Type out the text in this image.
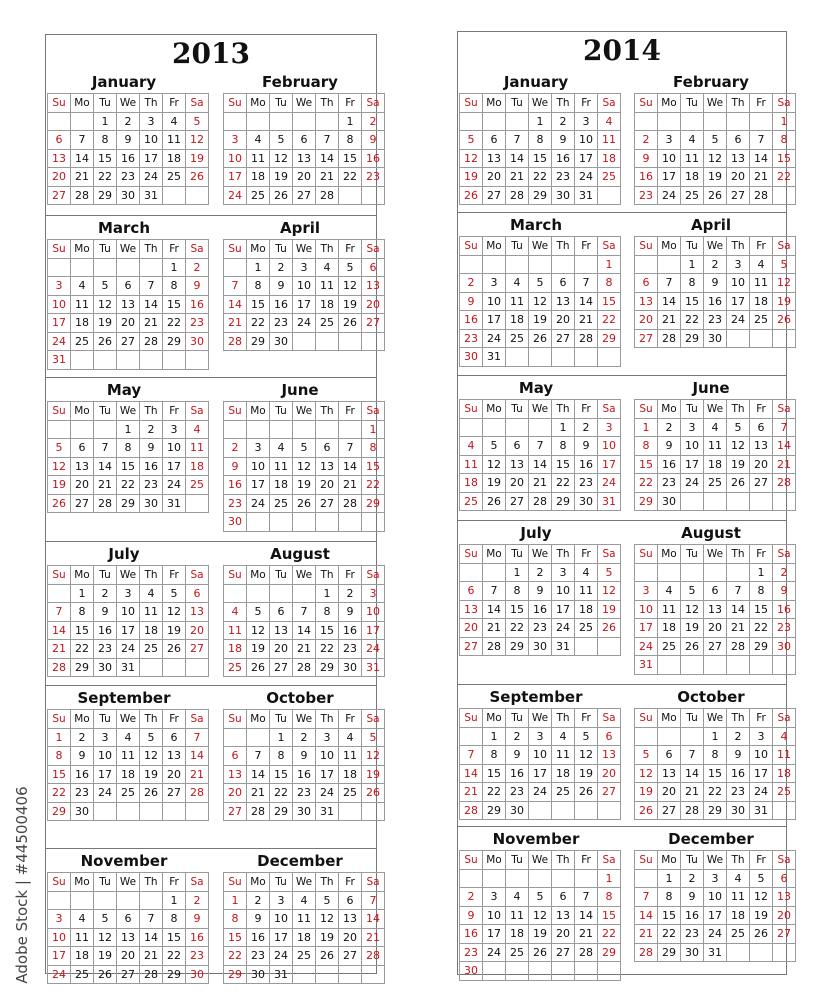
2013
January
Su	Mo	Tu	We	Th	Fr	Sa
		1	2	3	4	5
6	7	8	9	10	11	12
13	14	15	16	17	18	19
20	21	22	23	24	25	26
27	28	29	30	31		
February
Su	Mo	Tu	We	Th	Fr	Sa
					1	2
3	4	5	6	7	8	9
10	11	12	13	14	15	16
17	18	19	20	21	22	23
24	25	26	27	28		
March
Su	Mo	Tu	We	Th	Fr	Sa
					1	2
3	4	5	6	7	8	9
10	11	12	13	14	15	16
17	18	19	20	21	22	23
24	25	26	27	28	29	30
31						
April
Su	Mo	Tu	We	Th	Fr	Sa
	1	2	3	4	5	6
7	8	9	10	11	12	13
14	15	16	17	18	19	20
21	22	23	24	25	26	27
28	29	30				
May
Su	Mo	Tu	We	Th	Fr	Sa
			1	2	3	4
5	6	7	8	9	10	11
12	13	14	15	16	17	18
19	20	21	22	23	24	25
26	27	28	29	30	31	
June
Su	Mo	Tu	We	Th	Fr	Sa
						1
2	3	4	5	6	7	8
9	10	11	12	13	14	15
16	17	18	19	20	21	22
23	24	25	26	27	28	29
30						
July
Su	Mo	Tu	We	Th	Fr	Sa
	1	2	3	4	5	6
7	8	9	10	11	12	13
14	15	16	17	18	19	20
21	22	23	24	25	26	27
28	29	30	31			
August
Su	Mo	Tu	We	Th	Fr	Sa
				1	2	3
4	5	6	7	8	9	10
11	12	13	14	15	16	17
18	19	20	21	22	23	24
25	26	27	28	29	30	31
September
Su	Mo	Tu	We	Th	Fr	Sa
1	2	3	4	5	6	7
8	9	10	11	12	13	14
15	16	17	18	19	20	21
22	23	24	25	26	27	28
29	30					
October
Su	Mo	Tu	We	Th	Fr	Sa
		1	2	3	4	5
6	7	8	9	10	11	12
13	14	15	16	17	18	19
20	21	22	23	24	25	26
27	28	29	30	31		
November
Su	Mo	Tu	We	Th	Fr	Sa
					1	2
3	4	5	6	7	8	9
10	11	12	13	14	15	16
17	18	19	20	21	22	23
24	25	26	27	28	29	30
December
Su	Mo	Tu	We	Th	Fr	Sa
1	2	3	4	5	6	7
8	9	10	11	12	13	14
15	16	17	18	19	20	21
22	23	24	25	26	27	28
29	30	31				
2014
January
Su	Mo	Tu	We	Th	Fr	Sa
			1	2	3	4
5	6	7	8	9	10	11
12	13	14	15	16	17	18
19	20	21	22	23	24	25
26	27	28	29	30	31	
February
Su	Mo	Tu	We	Th	Fr	Sa
						1
2	3	4	5	6	7	8
9	10	11	12	13	14	15
16	17	18	19	20	21	22
23	24	25	26	27	28	
March
Su	Mo	Tu	We	Th	Fr	Sa
						1
2	3	4	5	6	7	8
9	10	11	12	13	14	15
16	17	18	19	20	21	22
23	24	25	26	27	28	29
30	31					
April
Su	Mo	Tu	We	Th	Fr	Sa
		1	2	3	4	5
6	7	8	9	10	11	12
13	14	15	16	17	18	19
20	21	22	23	24	25	26
27	28	29	30			
May
Su	Mo	Tu	We	Th	Fr	Sa
				1	2	3
4	5	6	7	8	9	10
11	12	13	14	15	16	17
18	19	20	21	22	23	24
25	26	27	28	29	30	31
June
Su	Mo	Tu	We	Th	Fr	Sa
1	2	3	4	5	6	7
8	9	10	11	12	13	14
15	16	17	18	19	20	21
22	23	24	25	26	27	28
29	30					
July
Su	Mo	Tu	We	Th	Fr	Sa
		1	2	3	4	5
6	7	8	9	10	11	12
13	14	15	16	17	18	19
20	21	22	23	24	25	26
27	28	29	30	31		
August
Su	Mo	Tu	We	Th	Fr	Sa
					1	2
3	4	5	6	7	8	9
10	11	12	13	14	15	16
17	18	19	20	21	22	23
24	25	26	27	28	29	30
31						
September
Su	Mo	Tu	We	Th	Fr	Sa
	1	2	3	4	5	6
7	8	9	10	11	12	13
14	15	16	17	18	19	20
21	22	23	24	25	26	27
28	29	30				
October
Su	Mo	Tu	We	Th	Fr	Sa
			1	2	3	4
5	6	7	8	9	10	11
12	13	14	15	16	17	18
19	20	21	22	23	24	25
26	27	28	29	30	31	
November
Su	Mo	Tu	We	Th	Fr	Sa
						1
2	3	4	5	6	7	8
9	10	11	12	13	14	15
16	17	18	19	20	21	22
23	24	25	26	27	28	29
30						
December
Su	Mo	Tu	We	Th	Fr	Sa
	1	2	3	4	5	6
7	8	9	10	11	12	13
14	15	16	17	18	19	20
21	22	23	24	25	26	27
28	29	30	31			
Adobe Stock | #44500406
